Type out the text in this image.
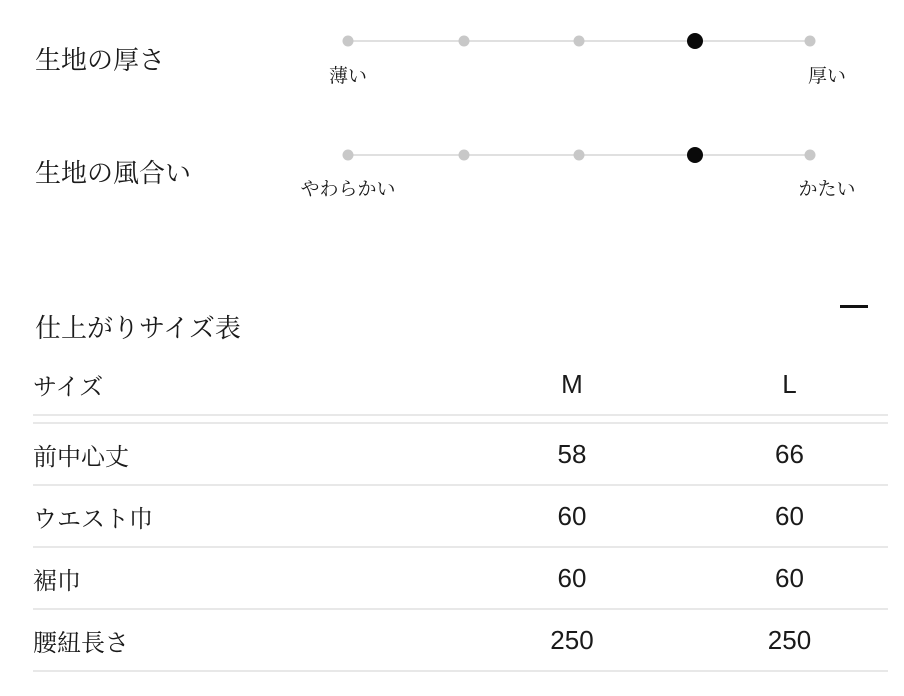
生地の厚さ
薄い	厚い
生地の風合い
やわらかい	かたい
仕上がりサイズ表
サイズ	M	L
前中心丈	58	66
ウエスト巾	60	60
裾巾	60	60
腰紐長さ	250	250
